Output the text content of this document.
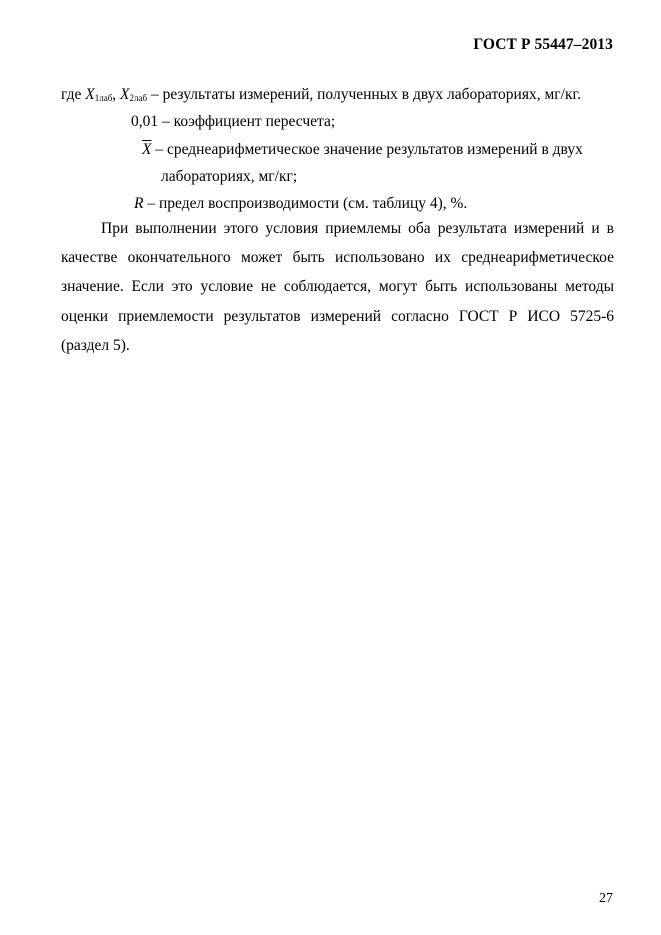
ГОСТ Р 55447–2013
где $X_{1лаб}$, $X_{2лаб}$ – результаты измерений, полученных в двух лабораториях, мг/кг.
0,01 – коэффициент пересчета;
$\overline{X}$ – среднеарифметическое значение результатов измерений в двух
лабораториях, мг/кг;
R – предел воспроизводимости (см. таблицу 4), %.
При выполнении этого условия приемлемы оба результата измерений и в качестве окончательного может быть использовано их среднеарифметическое значение. Если это условие не соблюдается, могут быть использованы методы оценки приемлемости результатов измерений согласно ГОСТ Р ИСО 5725-6 (раздел 5).
27
